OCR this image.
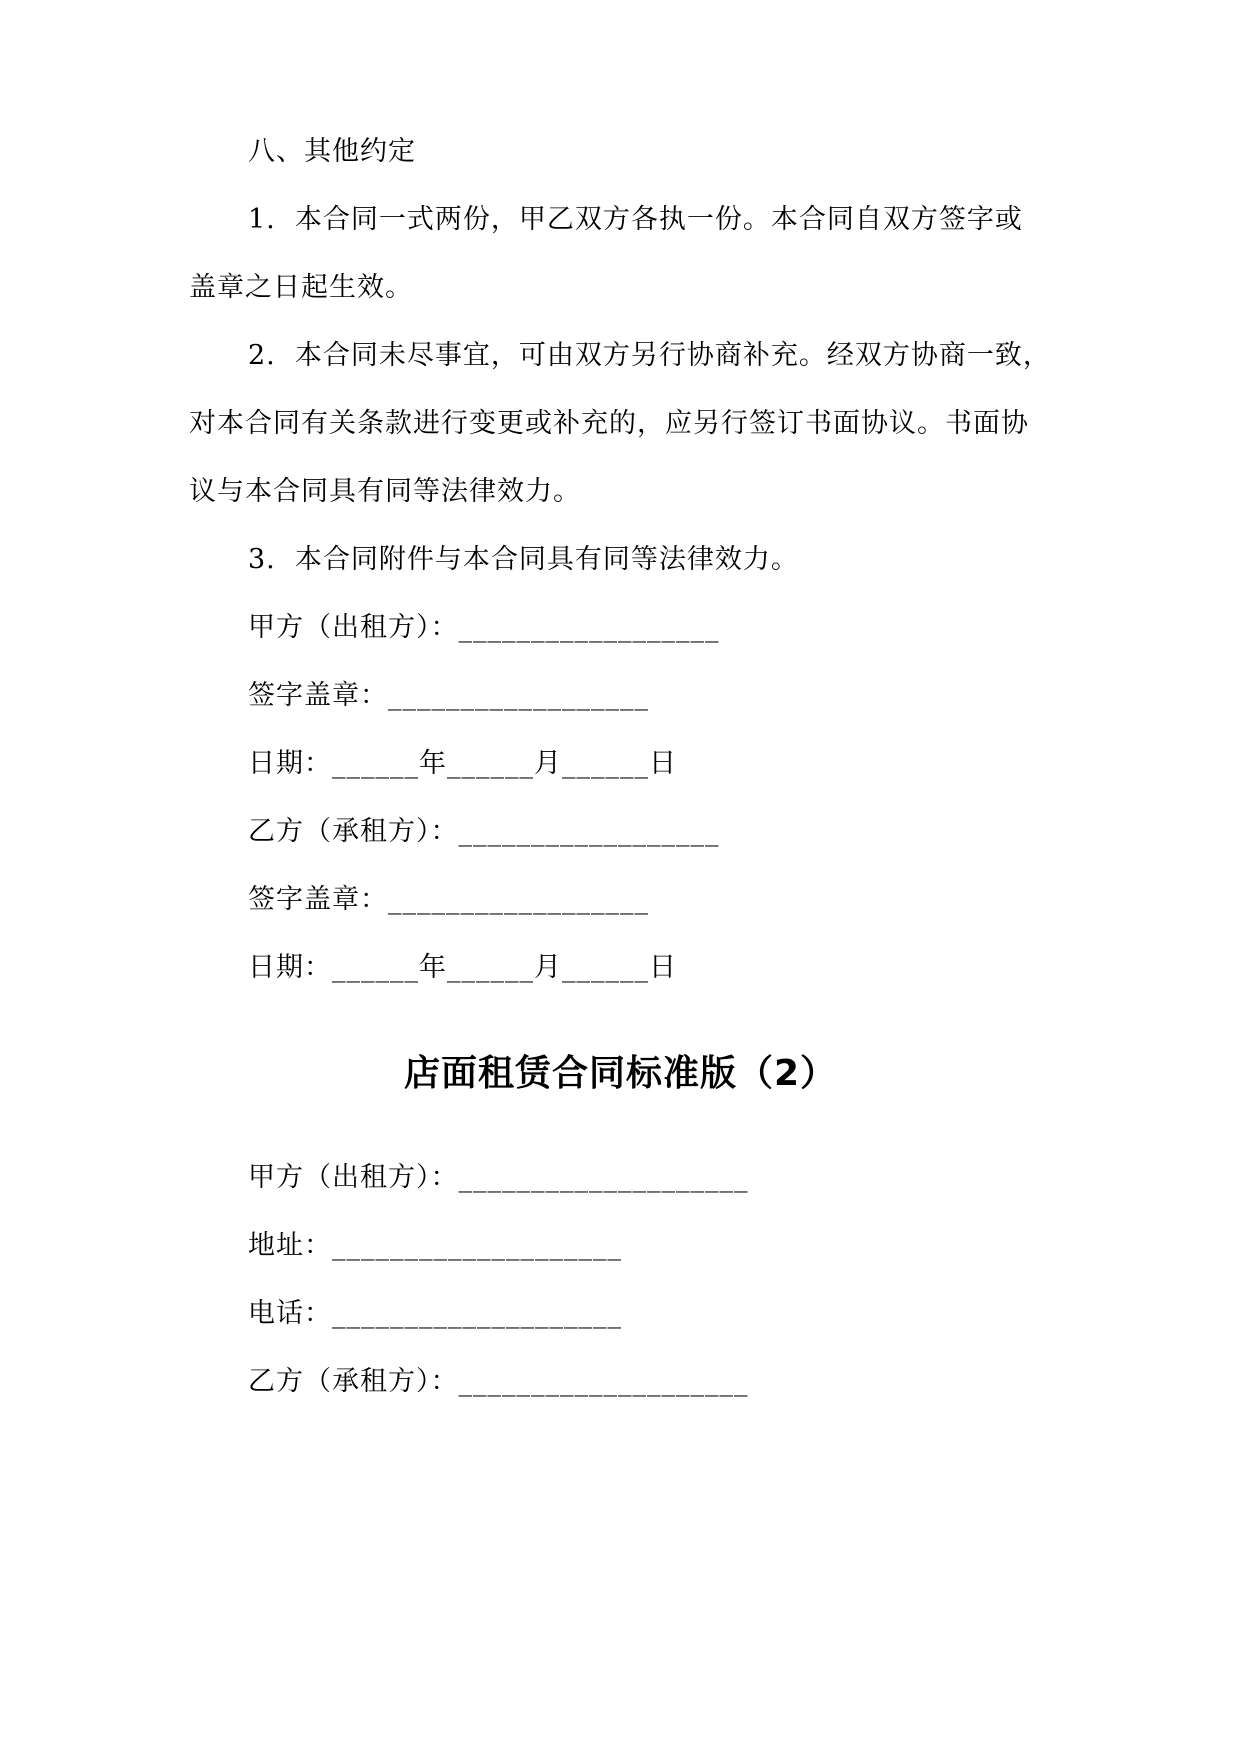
八、其他约定
1.  本合同一式两份，甲乙双方各执一份。本合同自双方签字或
盖章之日起生效。
2.  本合同未尽事宜，可由双方另行协商补充。经双方协商一致，
对本合同有关条款进行变更或补充的，应另行签订书面协议。书面协
议与本合同具有同等法律效力。
3.  本合同附件与本合同具有同等法律效力。
甲方（出租方）：__________________
签字盖章：__________________
日期：______年______月______日
乙方（承租方）：__________________
签字盖章：__________________
日期：______年______月______日
店面租赁合同标准版（2）
甲方（出租方）：____________________
地址：____________________
电话：____________________
乙方（承租方）：____________________
